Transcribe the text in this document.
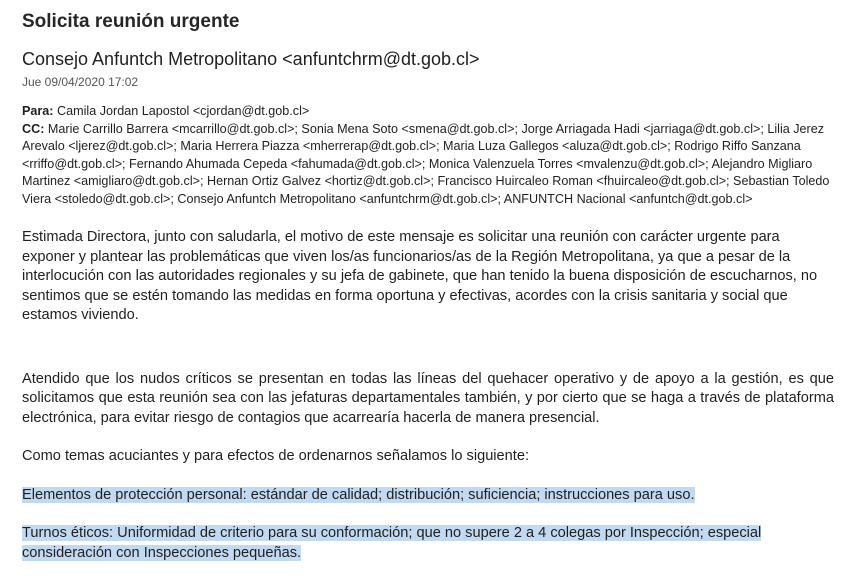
Solicita reunión urgente
Consejo Anfuntch Metropolitano <anfuntchrm@dt.gob.cl>
Jue 09/04/2020 17:02
Para: Camila Jordan Lapostol <cjordan@dt.gob.cl>
CC: Marie Carrillo Barrera <mcarrillo@dt.gob.cl>; Sonia Mena Soto <smena@dt.gob.cl>; Jorge Arriagada Hadi <jarriaga@dt.gob.cl>; Lilia Jerez Arevalo <ljerez@dt.gob.cl>; Maria Herrera Piazza <mherrerap@dt.gob.cl>; Maria Luza Gallegos <aluza@dt.gob.cl>; Rodrigo Riffo Sanzana <rriffo@dt.gob.cl>; Fernando Ahumada Cepeda <fahumada@dt.gob.cl>; Monica Valenzuela Torres <mvalenzu@dt.gob.cl>; Alejandro Migliaro Martinez <amigliaro@dt.gob.cl>; Hernan Ortiz Galvez <hortiz@dt.gob.cl>; Francisco Huircaleo Roman <fhuircaleo@dt.gob.cl>; Sebastian Toledo Viera <stoledo@dt.gob.cl>; Consejo Anfuntch Metropolitano <anfuntchrm@dt.gob.cl>; ANFUNTCH Nacional <anfuntch@dt.gob.cl>

Estimada Directora, junto con saludarla, el motivo de este mensaje es solicitar una reunión con carácter urgente para exponer y plantear las problemáticas que viven los/as funcionarios/as de la Región Metropolitana, ya que a pesar de la interlocución con las autoridades regionales y su jefa de gabinete, que han tenido la buena disposición de escucharnos, no sentimos que se estén tomando las medidas en forma oportuna y efectivas, acordes con la crisis sanitaria y social que estamos viviendo.

Atendido que los nudos críticos se presentan en todas las líneas del quehacer operativo y de apoyo a la gestión, es que solicitamos que esta reunión sea con las jefaturas departamentales también, y por cierto que se haga a través de plataforma electrónica, para evitar riesgo de contagios que acarrearía hacerla de manera presencial.

Como temas acuciantes y para efectos de ordenarnos señalamos lo siguiente:

Elementos de protección personal: estándar de calidad; distribución; suficiencia; instrucciones para uso.

Turnos éticos: Uniformidad de criterio para su conformación; que no supere 2 a 4 colegas por Inspección; especial consideración con Inspecciones pequeñas.
